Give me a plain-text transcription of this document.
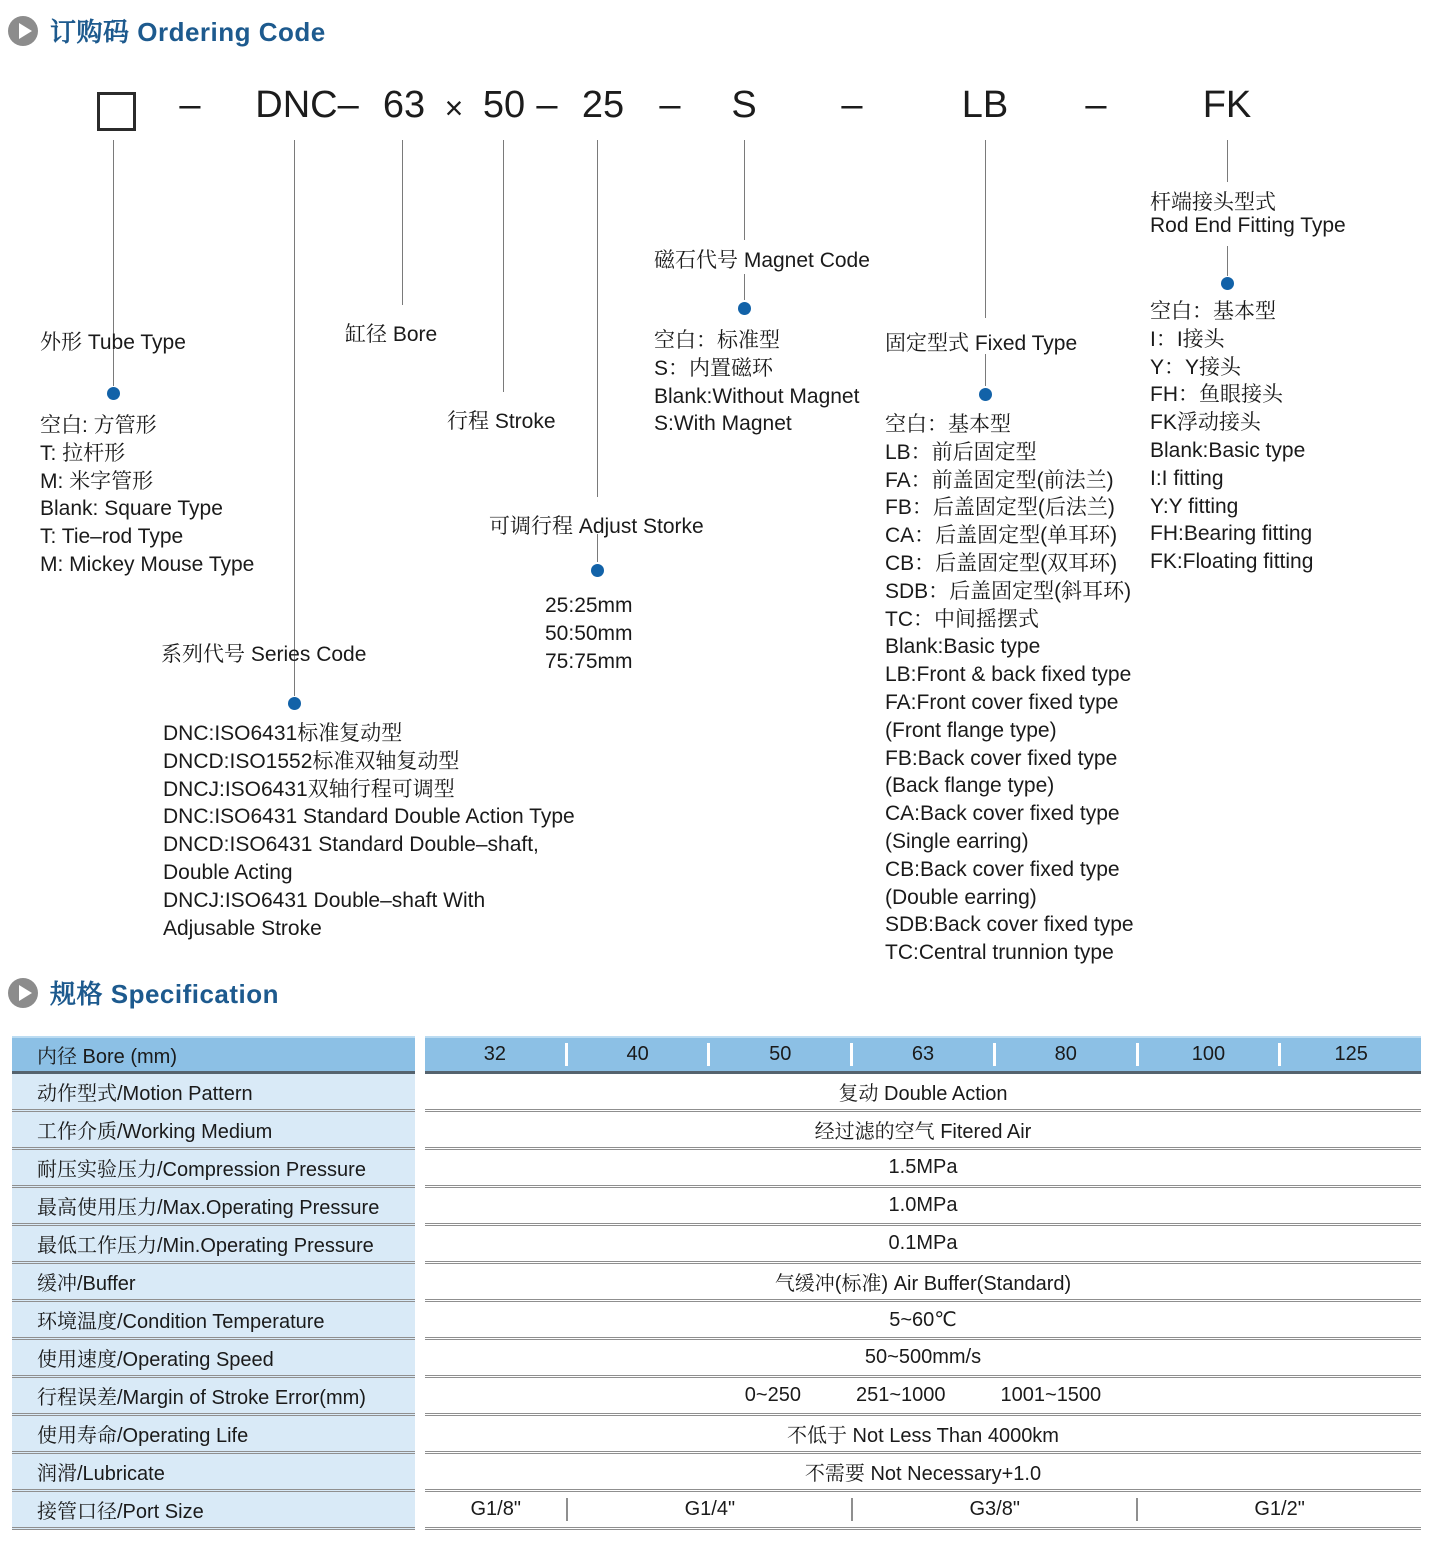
订购码 Ordering Code
– DNC– 63 × 50 – 25 – S –	LB –	FK
外形 Tube Type
空白: 方管形
T: 拉杆形
M: 米字管形
Blank: Square Type
T: Tie–rod Type
M: Mickey Mouse Type
缸径 Bore
行程 Stroke
可调行程 Adjust Storke
25:25mm
50:50mm
75:75mm
系列代号 Series Code
DNC:ISO6431标准复动型
DNCD:ISO1552标准双轴复动型
DNCJ:ISO6431双轴行程可调型
DNC:ISO6431 Standard Double Action Type
DNCD:ISO6431 Standard Double–shaft,
Double Acting
DNCJ:ISO6431 Double–shaft With
Adjusable Stroke
磁石代号 Magnet Code
空白：标准型
S：内置磁环
Blank:Without Magnet
S:With Magnet
固定型式 Fixed Type
空白：基本型
LB：前后固定型
FA：前盖固定型(前法兰)
FB：后盖固定型(后法兰)
CA：后盖固定型(单耳环)
CB：后盖固定型(双耳环)
SDB：后盖固定型(斜耳环)
TC：中间摇摆式
Blank:Basic type
LB:Front & back fixed type
FA:Front cover fixed type
(Front flange type)
FB:Back cover fixed type
(Back flange type)
CA:Back cover fixed type
(Single earring)
CB:Back cover fixed type
(Double earring)
SDB:Back cover fixed type
TC:Central trunnion type
杆端接头型式
Rod End Fitting Type
空白：基本型
I：I接头
Y：Y接头
FH：鱼眼接头
FK浮动接头
Blank:Basic type
I:I fitting
Y:Y fitting
FH:Bearing fitting
FK:Floating fitting
规格 Specification
内径 Bore (mm)	32	40	50	63	80	100	125
动作型式/Motion Pattern	复动 Double Action
工作介质/Working Medium	经过滤的空气 Fitered Air
耐压实验压力/Compression Pressure	1.5MPa
最高使用压力/Max.Operating Pressure	1.0MPa
最低工作压力/Min.Operating Pressure	0.1MPa
缓冲/Buffer	气缓冲(标准) Air Buffer(Standard)
环境温度/Condition Temperature	5~60℃
使用速度/Operating Speed	50~500mm/s
行程误差/Margin of Stroke Error(mm)	0~250	251~1000	1001~1500
使用寿命/Operating Life	不低于 Not Less Than 4000km
润滑/Lubricate	不需要 Not Necessary+1.0
接管口径/Port Size	G1/8"	G1/4"	G3/8"	G1/2"
